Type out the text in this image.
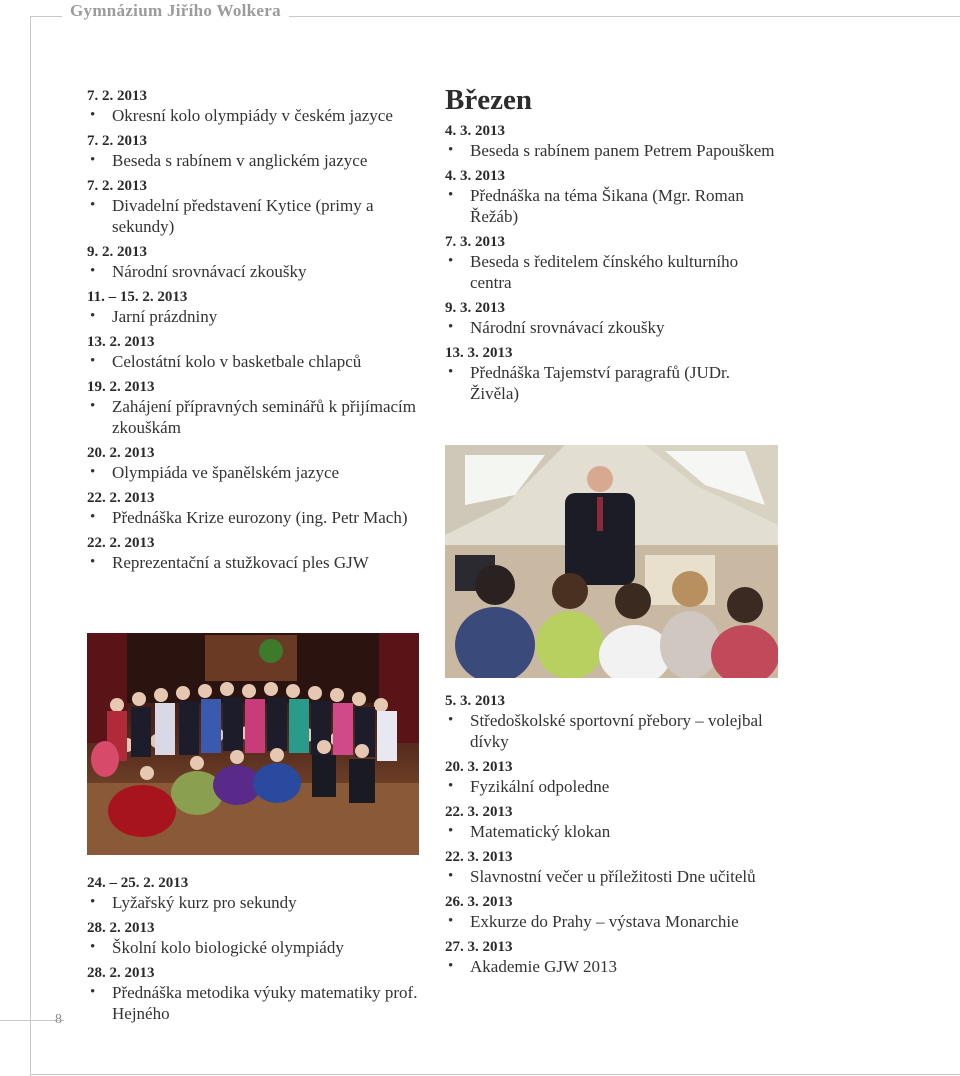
Gymnázium Jiřího Wolkera
8
7. 2. 2013
• Okresní kolo olympiády v českém jazyce
7. 2. 2013
• Beseda s rabínem v anglickém jazyce
7. 2. 2013
• Divadelní představení Kytice (primy a sekundy)
9. 2. 2013
• Národní srovnávací zkoušky
11. – 15. 2. 2013
• Jarní prázdniny
13. 2. 2013
• Celostátní kolo v basketbale chlapců
19. 2. 2013
• Zahájení přípravných seminářů k přijímacím zkouškám
20. 2. 2013
• Olympiáda ve španělském jazyce
22. 2. 2013
• Přednáška Krize eurozony (ing. Petr Mach)
22. 2. 2013
• Reprezentační a stužkovací ples GJW
24. – 25. 2. 2013
• Lyžařský kurz pro sekundy
28. 2. 2013
• Školní kolo biologické olympiády
28. 2. 2013
• Přednáška metodika výuky matematiky prof. Hejného
Březen
4. 3. 2013
• Beseda s rabínem panem Petrem Papouškem
4. 3. 2013
• Přednáška na téma Šikana (Mgr. Roman Řežáb)
7. 3. 2013
• Beseda s ředitelem čínského kulturního centra
9. 3. 2013
• Národní srovnávací zkoušky
13. 3. 2013
• Přednáška Tajemství paragrafů (JUDr. Živěla)
5. 3. 2013
• Středoškolské sportovní přebory – volejbal dívky
20. 3. 2013
• Fyzikální odpoledne
22. 3. 2013
• Matematický klokan
22. 3. 2013
• Slavnostní večer u příležitosti Dne učitelů
26. 3. 2013
• Exkurze do Prahy – výstava Monarchie
27. 3. 2013
• Akademie GJW 2013
